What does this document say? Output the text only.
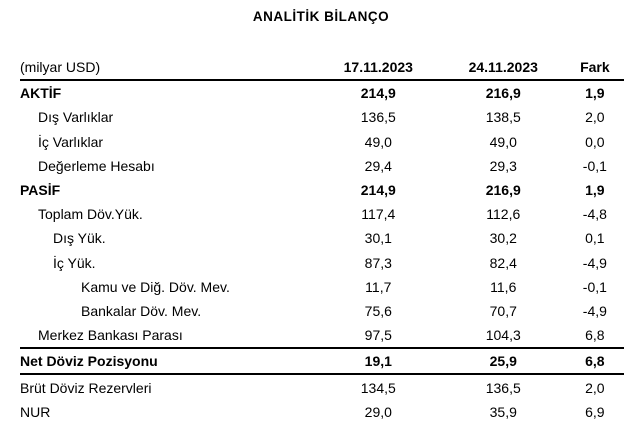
ANALİTİK BİLANÇO
(milyar USD)	17.11.2023	24.11.2023	Fark
AKTİF	214,9	216,9	1,9
Dış Varlıklar	136,5	138,5	2,0
İç Varlıklar	49,0	49,0	0,0
Değerleme Hesabı	29,4	29,3	-0,1
PASİF	214,9	216,9	1,9
Toplam Döv.Yük.	117,4	112,6	-4,8
Dış Yük.	30,1	30,2	0,1
İç Yük.	87,3	82,4	-4,9
Kamu ve Diğ. Döv. Mev.	11,7	11,6	-0,1
Bankalar Döv. Mev.	75,6	70,7	-4,9
Merkez Bankası Parası	97,5	104,3	6,8
Net Döviz Pozisyonu	19,1	25,9	6,8
Brüt Döviz Rezervleri	134,5	136,5	2,0
NUR	29,0	35,9	6,9
